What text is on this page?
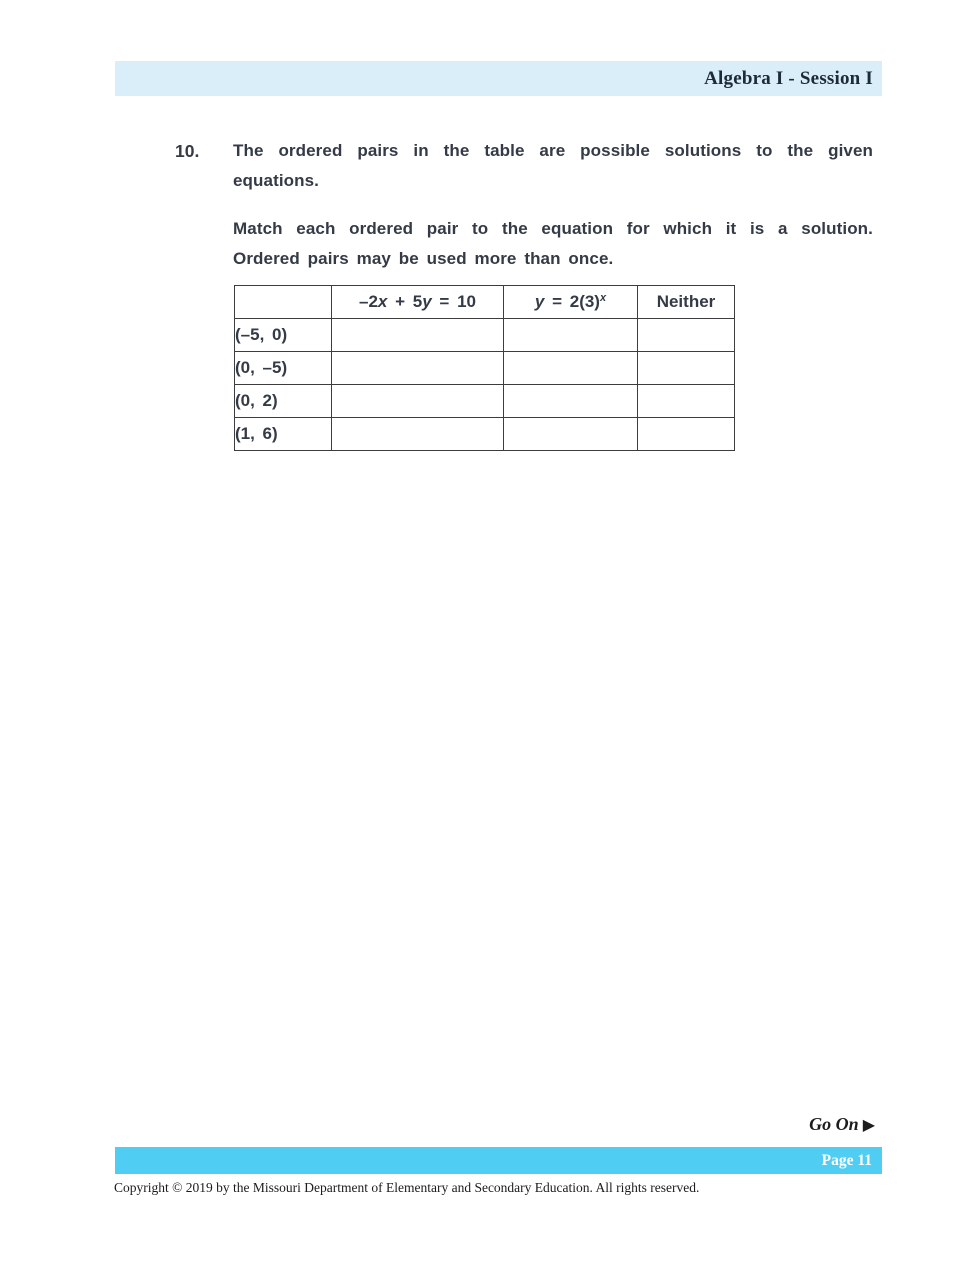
Algebra I - Session I
10. The ordered pairs in the table are possible solutions to the given
equations.
Match each ordered pair to the equation for which it is a solution.
Ordered pairs may be used more than once.
	–2x + 5y = 10	$y = 2(3)^x$	Neither
(–5, 0)			
(0, –5)			
(0, 2)			
(1, 6)			
Go On ▶
Page 11
Copyright © 2019 by the Missouri Department of Elementary and Secondary Education. All rights reserved.
